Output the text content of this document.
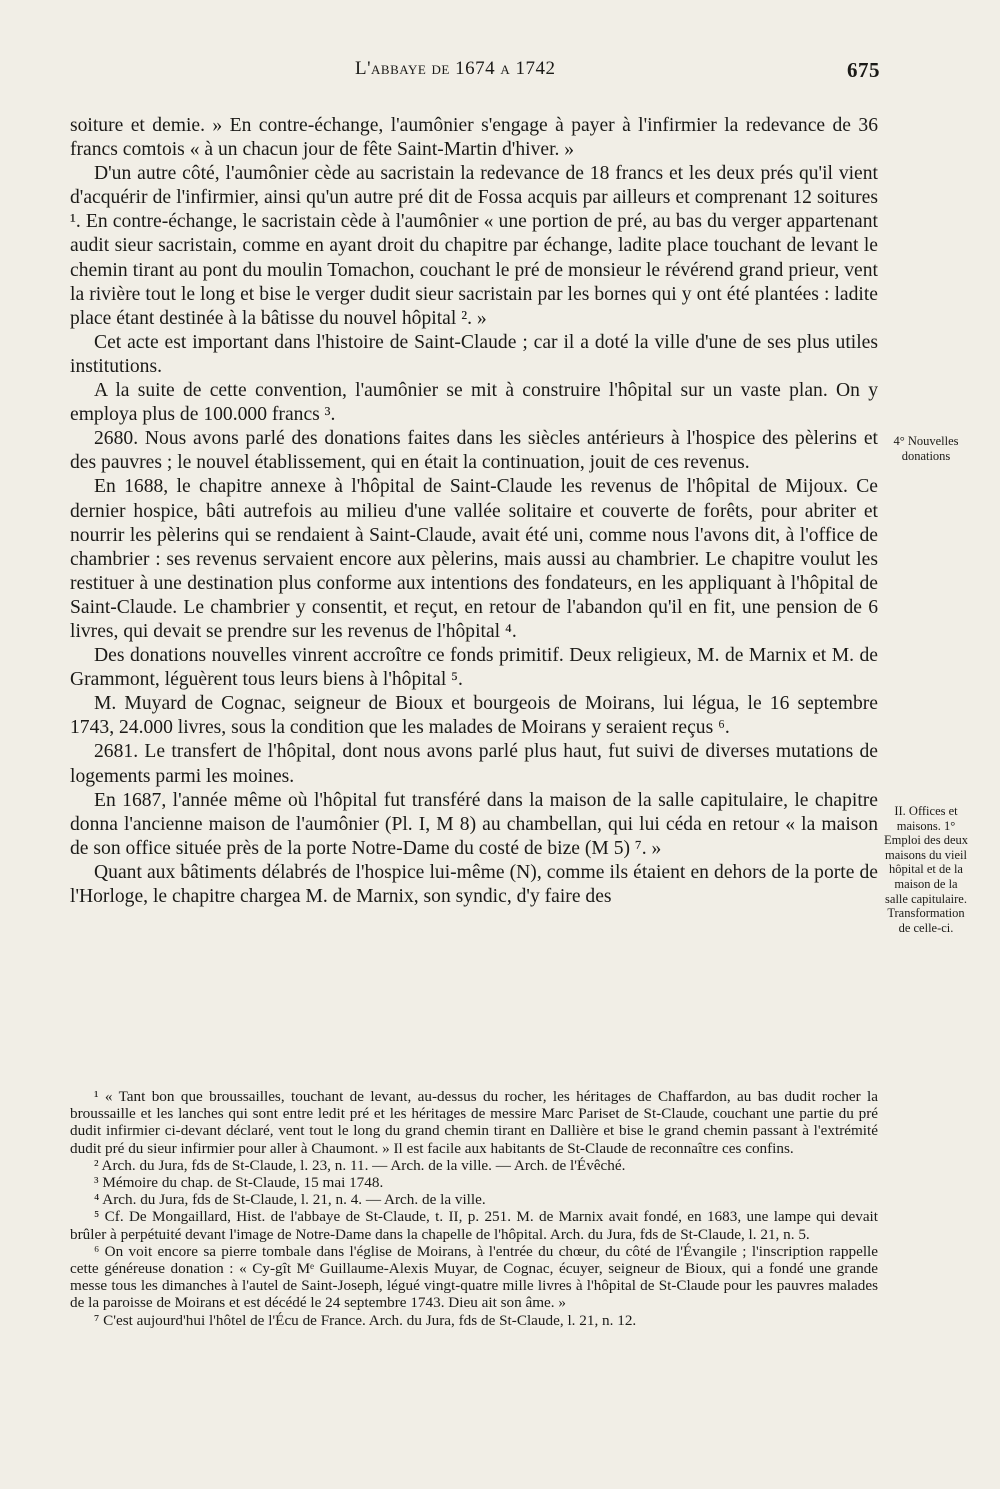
L'abbaye de 1674 a 1742	675

soiture et demie. » En contre-échange, l'aumônier s'engage à payer à l'infirmier la redevance de 36 francs comtois « à un chacun jour de fête Saint-Martin d'hiver. »

D'un autre côté, l'aumônier cède au sacristain la redevance de 18 francs et les deux prés qu'il vient d'acquérir de l'infirmier, ainsi qu'un autre pré dit de Fossa acquis par ailleurs et comprenant 12 soitures ¹. En contre-échange, le sacristain cède à l'aumônier « une portion de pré, au bas du verger appartenant audit sieur sacristain, comme en ayant droit du chapitre par échange, ladite place touchant de levant le chemin tirant au pont du moulin Tomachon, couchant le pré de monsieur le révérend grand prieur, vent la rivière tout le long et bise le verger dudit sieur sacristain par les bornes qui y ont été plantées : ladite place étant destinée à la bâtisse du nouvel hôpital ². »

Cet acte est important dans l'histoire de Saint-Claude ; car il a doté la ville d'une de ses plus utiles institutions.

A la suite de cette convention, l'aumônier se mit à construire l'hôpital sur un vaste plan. On y employa plus de 100.000 francs ³.

2680. Nous avons parlé des donations faites dans les siècles antérieurs à l'hospice des pèlerins et des pauvres ; le nouvel établissement, qui en était la continuation, jouit de ces revenus.

En 1688, le chapitre annexe à l'hôpital de Saint-Claude les revenus de l'hôpital de Mijoux. Ce dernier hospice, bâti autrefois au milieu d'une vallée solitaire et couverte de forêts, pour abriter et nourrir les pèlerins qui se rendaient à Saint-Claude, avait été uni, comme nous l'avons dit, à l'office de chambrier : ses revenus servaient encore aux pèlerins, mais aussi au chambrier. Le chapitre voulut les restituer à une destination plus conforme aux intentions des fondateurs, en les appliquant à l'hôpital de Saint-Claude. Le chambrier y consentit, et reçut, en retour de l'abandon qu'il en fit, une pension de 6 livres, qui devait se prendre sur les revenus de l'hôpital ⁴.

Des donations nouvelles vinrent accroître ce fonds primitif. Deux religieux, M. de Marnix et M. de Grammont, léguèrent tous leurs biens à l'hôpital ⁵.

M. Muyard de Cognac, seigneur de Bioux et bourgeois de Moirans, lui légua, le 16 septembre 1743, 24.000 livres, sous la condition que les malades de Moirans y seraient reçus ⁶.

2681. Le transfert de l'hôpital, dont nous avons parlé plus haut, fut suivi de diverses mutations de logements parmi les moines.

En 1687, l'année même où l'hôpital fut transféré dans la maison de la salle capitulaire, le chapitre donna l'ancienne maison de l'aumônier (Pl. I, M 8) au chambellan, qui lui céda en retour « la maison de son office située près de la porte Notre-Dame du costé de bize (M 5) ⁷. »

Quant aux bâtiments délabrés de l'hospice lui-même (N), comme ils étaient en dehors de la porte de l'Horloge, le chapitre chargea M. de Marnix, son syndic, d'y faire des

4° Nouvelles donations
II. Offices et maisons. 1° Emploi des deux maisons du vieil hôpital et de la maison de la salle capitulaire. Transformation de celle-ci.

¹ « Tant bon que broussailles, touchant de levant, au-dessus du rocher, les héritages de Chaffardon, au bas dudit rocher la broussaille et les lanches qui sont entre ledit pré et les héritages de messire Marc Pariset de St-Claude, couchant une partie du pré dudit infirmier ci-devant déclaré, vent tout le long du grand chemin tirant en Dallière et bise le grand chemin passant à l'extrémité dudit pré du sieur infirmier pour aller à Chaumont. » Il est facile aux habitants de St-Claude de reconnaître ces confins.

² Arch. du Jura, fds de St-Claude, l. 23, n. 11. — Arch. de la ville. — Arch. de l'Évêché.

³ Mémoire du chap. de St-Claude, 15 mai 1748.

⁴ Arch. du Jura, fds de St-Claude, l. 21, n. 4. — Arch. de la ville.

⁵ Cf. De Mongaillard, Hist. de l'abbaye de St-Claude, t. II, p. 251. M. de Marnix avait fondé, en 1683, une lampe qui devait brûler à perpétuité devant l'image de Notre-Dame dans la chapelle de l'hôpital. Arch. du Jura, fds de St-Claude, l. 21, n. 5.

⁶ On voit encore sa pierre tombale dans l'église de Moirans, à l'entrée du chœur, du côté de l'Évangile ; l'inscription rappelle cette généreuse donation : « Cy-gît Mᵉ Guillaume-Alexis Muyar, de Cognac, écuyer, seigneur de Bioux, qui a fondé une grande messe tous les dimanches à l'autel de Saint-Joseph, légué vingt-quatre mille livres à l'hôpital de St-Claude pour les pauvres malades de la paroisse de Moirans et est décédé le 24 septembre 1743. Dieu ait son âme. »

⁷ C'est aujourd'hui l'hôtel de l'Écu de France. Arch. du Jura, fds de St-Claude, l. 21, n. 12.
